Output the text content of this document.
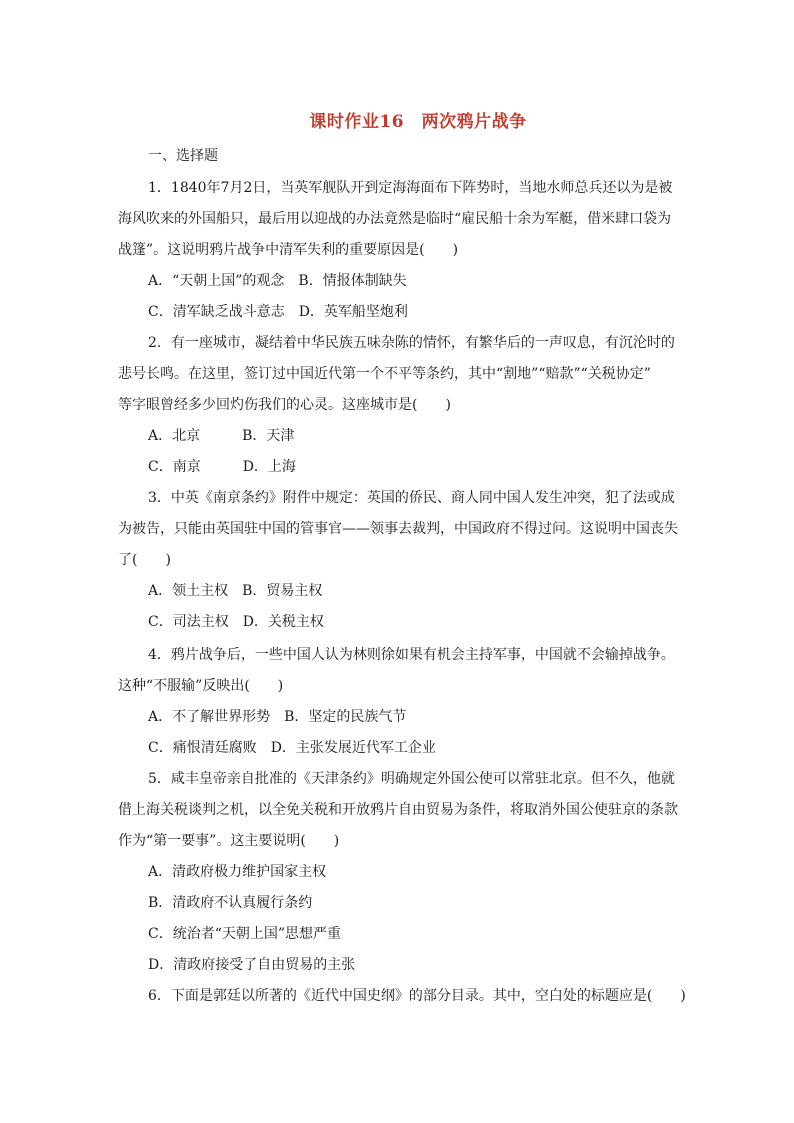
课时作业16　两次鸦片战争
一、选择题
1．1840年7月2日，当英军舰队开到定海海面布下阵势时，当地水师总兵还以为是被
海风吹来的外国船只，最后用以迎战的办法竟然是临时“雇民船十余为军艇，借米肆口袋为
战篷”。这说明鸦片战争中清军失利的重要原因是(　　)
A．“天朝上国”的观念　B．情报体制缺失
C．清军缺乏战斗意志　D．英军船坚炮利
2．有一座城市，凝结着中华民族五味杂陈的情怀，有繁华后的一声叹息，有沉沦时的
悲号长鸣。在这里，签订过中国近代第一个不平等条约，其中“割地”“赔款”“关税协定”
等字眼曾经多少回灼伤我们的心灵。这座城市是(　　)
A．北京　　　B．天津
C．南京　　　D．上海
3．中英《南京条约》附件中规定：英国的侨民、商人同中国人发生冲突，犯了法或成
为被告，只能由英国驻中国的管事官——领事去裁判，中国政府不得过问。这说明中国丧失
了(　　)
A．领土主权　B．贸易主权
C．司法主权　D．关税主权
4．鸦片战争后，一些中国人认为林则徐如果有机会主持军事，中国就不会输掉战争。
这种“不服输”反映出(　　)
A．不了解世界形势　B．坚定的民族气节
C．痛恨清廷腐败　D．主张发展近代军工企业
5．咸丰皇帝亲自批准的《天津条约》明确规定外国公使可以常驻北京。但不久，他就
借上海关税谈判之机，以全免关税和开放鸦片自由贸易为条件，将取消外国公使驻京的条款
作为“第一要事”。这主要说明(　　)
A．清政府极力维护国家主权
B．清政府不认真履行条约
C．统治者“天朝上国”思想严重
D．清政府接受了自由贸易的主张
6．下面是郭廷以所著的《近代中国史纲》的部分目录。其中，空白处的标题应是(　　)
